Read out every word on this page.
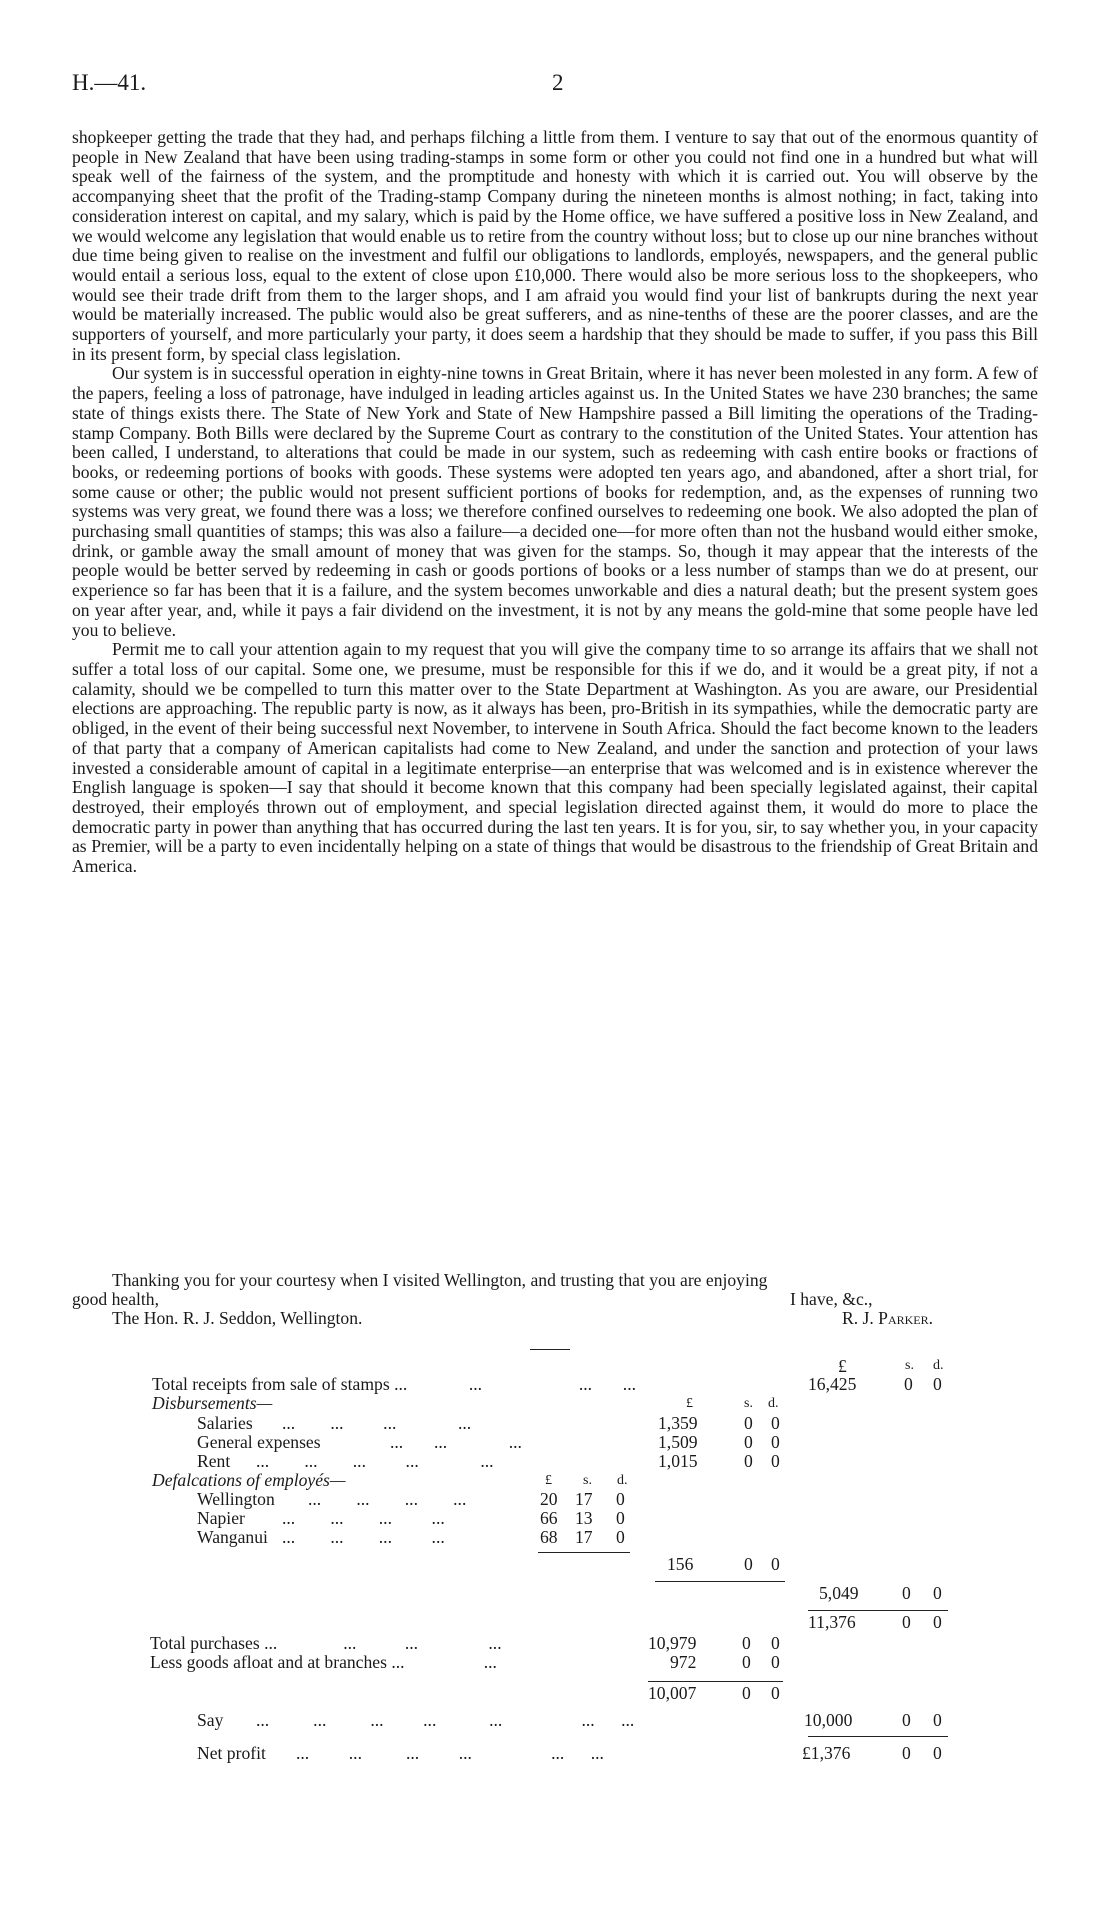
H.—41.	2

shopkeeper getting the trade that they had, and perhaps filching a little from them. I venture to say that out of the enormous quantity of people in New Zealand that have been using trading-stamps in some form or other you could not find one in a hundred but what will speak well of the fairness of the system, and the promptitude and honesty with which it is carried out. You will observe by the accompanying sheet that the profit of the Trading-stamp Company during the nineteen months is almost nothing; in fact, taking into consideration interest on capital, and my salary, which is paid by the Home office, we have suffered a positive loss in New Zealand, and we would welcome any legislation that would enable us to retire from the country without loss; but to close up our nine branches without due time being given to realise on the investment and fulfil our obligations to landlords, employés, newspapers, and the general public would entail a serious loss, equal to the extent of close upon £10,000. There would also be more serious loss to the shopkeepers, who would see their trade drift from them to the larger shops, and I am afraid you would find your list of bankrupts during the next year would be materially increased. The public would also be great sufferers, and as nine-tenths of these are the poorer classes, and are the supporters of yourself, and more particularly your party, it does seem a hardship that they should be made to suffer, if you pass this Bill in its present form, by special class legislation.

Our system is in successful operation in eighty-nine towns in Great Britain, where it has never been molested in any form. A few of the papers, feeling a loss of patronage, have indulged in leading articles against us. In the United States we have 230 branches; the same state of things exists there. The State of New York and State of New Hampshire passed a Bill limiting the operations of the Trading-stamp Company. Both Bills were declared by the Supreme Court as contrary to the constitution of the United States. Your attention has been called, I understand, to alterations that could be made in our system, such as redeeming with cash entire books or fractions of books, or redeeming portions of books with goods. These systems were adopted ten years ago, and abandoned, after a short trial, for some cause or other; the public would not present sufficient portions of books for redemption, and, as the expenses of running two systems was very great, we found there was a loss; we therefore confined ourselves to redeeming one book. We also adopted the plan of purchasing small quantities of stamps; this was also a failure—a decided one—for more often than not the husband would either smoke, drink, or gamble away the small amount of money that was given for the stamps. So, though it may appear that the interests of the people would be better served by redeeming in cash or goods portions of books or a less number of stamps than we do at present, our experience so far has been that it is a failure, and the system becomes unworkable and dies a natural death; but the present system goes on year after year, and, while it pays a fair dividend on the investment, it is not by any means the gold-mine that some people have led you to believe.

Permit me to call your attention again to my request that you will give the company time to so arrange its affairs that we shall not suffer a total loss of our capital. Some one, we presume, must be responsible for this if we do, and it would be a great pity, if not a calamity, should we be compelled to turn this matter over to the State Department at Washington. As you are aware, our Presidential elections are approaching. The republic party is now, as it always has been, pro-British in its sympathies, while the democratic party are obliged, in the event of their being successful next November, to intervene in South Africa. Should the fact become known to the leaders of that party that a company of American capitalists had come to New Zealand, and under the sanction and protection of your laws invested a considerable amount of capital in a legitimate enterprise—an enterprise that was welcomed and is in existence wherever the English language is spoken—I say that should it become known that this company had been specially legislated against, their capital destroyed, their employés thrown out of employment, and special legislation directed against them, it would do more to place the democratic party in power than anything that has occurred during the last ten years. It is for you, sir, to say whether you, in your capacity as Premier, will be a party to even incidentally helping on a state of things that would be disastrous to the friendship of Great Britain and America.

Thanking you for your courtesy when I visited Wellington, and trusting that you are enjoying
good health,	I have, &c.,
The Hon. R. J. Seddon, Wellington.	R. J. Parker.
£	s. d.
Total receipts from sale of stamps ...              ...                      ...       ...	16,425	0 0
Disbursements—	£	s. d.
Salaries ...        ...         ...              ...	1,359	0 0
General expenses	...       ...              ...	1,509	0 0
Rent ...        ...        ...         ...              ...	1,015	0 0
Defalcations of employés—	£ s. d.
Wellington ...        ...        ...        ...	20 17 0
Napier ...        ...        ...         ...	66 13 0
Wanganui ...        ...        ...         ...	68 17 0
156	0 0
5,049 0 0
11,376	0 0
Total purchases ...               ...           ...                ...	10,979	0 0
Less goods afloat and at branches ...                  ...	972	0 0
10,007	0 0
Say ...          ...          ...         ...            ...                  ...      ...	10,000	0 0
Net profit ...         ...          ...         ...                  ...      ...	£1,376	0 0
